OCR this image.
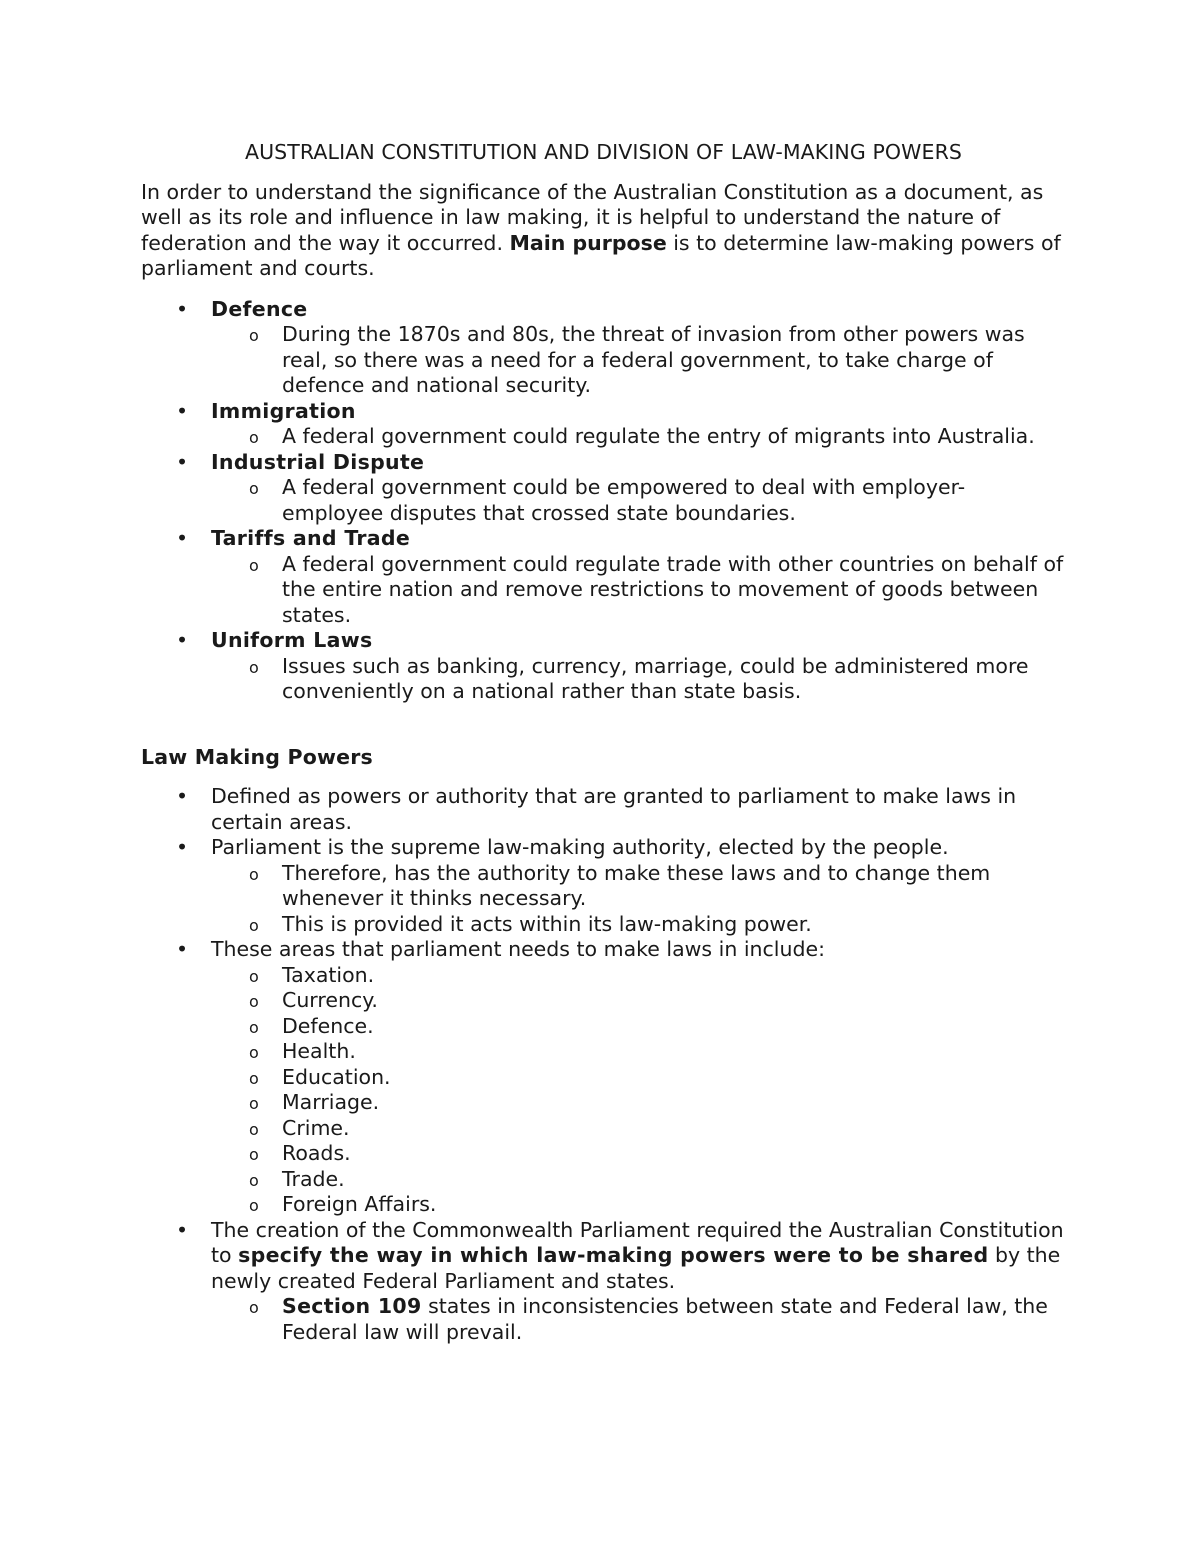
AUSTRALIAN CONSTITUTION AND DIVISION OF LAW-MAKING POWERS

In order to understand the significance of the Australian Constitution as a document, as well as its role and influence in law making, it is helpful to understand the nature of federation and the way it occurred. Main purpose is to determine law-making powers of parliament and courts.

• Defence
o During the 1870s and 80s, the threat of invasion from other powers was real, so there was a need for a federal government, to take charge of defence and national security.
• Immigration
o A federal government could regulate the entry of migrants into Australia.
• Industrial Dispute
o A federal government could be empowered to deal with employer-employee disputes that crossed state boundaries.
• Tariffs and Trade
o A federal government could regulate trade with other countries on behalf of the entire nation and remove restrictions to movement of goods between states.
• Uniform Laws
o Issues such as banking, currency, marriage, could be administered more conveniently on a national rather than state basis.
Law Making Powers
• Defined as powers or authority that are granted to parliament to make laws in certain areas.
• Parliament is the supreme law-making authority, elected by the people.
o Therefore, has the authority to make these laws and to change them whenever it thinks necessary.
o This is provided it acts within its law-making power.
• These areas that parliament needs to make laws in include:
o Taxation.
o Currency.
o Defence.
o Health.
o Education.
o Marriage.
o Crime.
o Roads.
o Trade.
o Foreign Affairs.
• The creation of the Commonwealth Parliament required the Australian Constitution to specify the way in which law-making powers were to be shared by the newly created Federal Parliament and states.
o Section 109 states in inconsistencies between state and Federal law, the Federal law will prevail.
